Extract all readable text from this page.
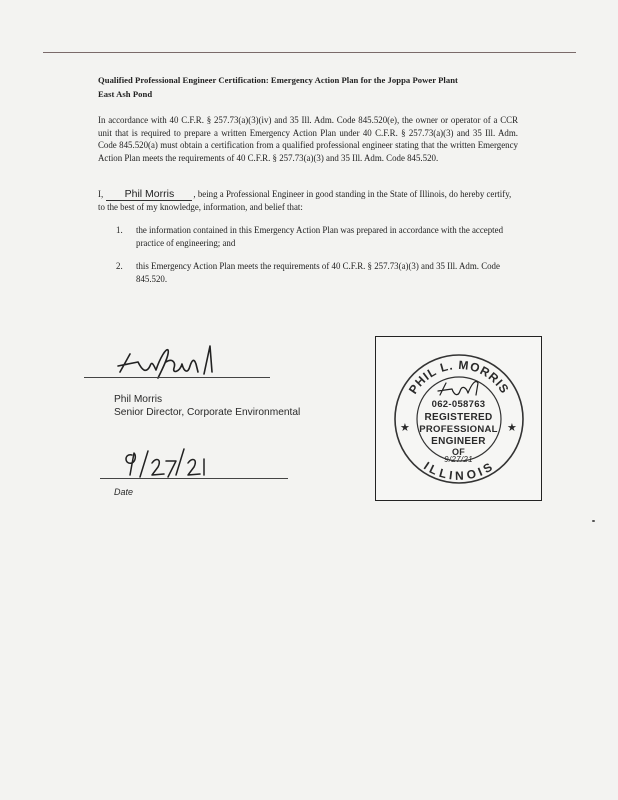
Qualified Professional Engineer Certification: Emergency Action Plan for the Joppa Power Plant
East Ash Pond
In accordance with 40 C.F.R. § 257.73(a)(3)(iv) and 35 Ill. Adm. Code 845.520(e), the owner or operator of a CCR unit that is required to prepare a written Emergency Action Plan under 40 C.F.R. § 257.73(a)(3) and 35 Ill. Adm. Code 845.520(a) must obtain a certification from a qualified professional engineer stating that the written Emergency Action Plan meets the requirements of 40 C.F.R. § 257.73(a)(3) and 35 Ill. Adm. Code 845.520.
I, Phil Morris , being a Professional Engineer in good standing in the State of Illinois, do hereby certify, to the best of my knowledge, information, and belief that:
1. the information contained in this Emergency Action Plan was prepared in accordance with the accepted practice of engineering; and
2. this Emergency Action Plan meets the requirements of 40 C.F.R. § 257.73(a)(3) and 35 Ill. Adm. Code 845.520.
Phil Morris
Senior Director, Corporate Environmental
Date
PHIL L. MORRIS
ILLINOIS
★	★
062-058763
REGISTERED
PROFESSIONAL
ENGINEER
OF
9/27/21
